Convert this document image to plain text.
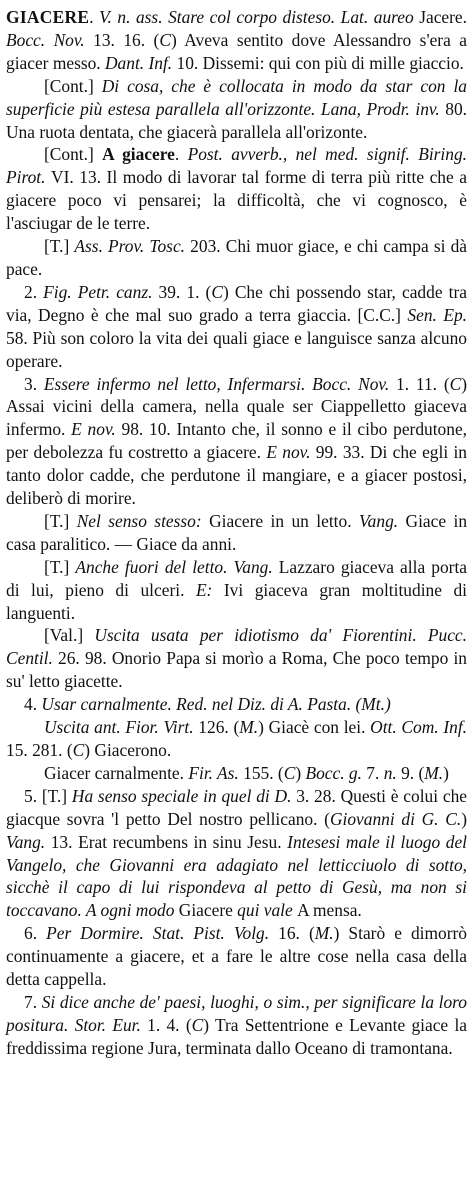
GIACERE. V. n. ass. Stare col corpo disteso. Lat. aureo Jacere. Bocc. Nov. 13. 16. (C) Aveva sentito dove Alessandro s'era a giacer messo. Dant. Inf. 10. Dissemi: qui con più di mille giaccio.

[Cont.] Di cosa, che è collocata in modo da star con la superficie più estesa parallela all'orizzonte. Lana, Prodr. inv. 80. Una ruota dentata, che giacerà parallela all'orizonte.

[Cont.] A giacere. Post. avverb., nel med. signif. Biring. Pirot. VI. 13. Il modo di lavorar tal forme di terra più ritte che a giacere poco vi pensarei; la difficoltà, che vi cognosco, è l'asciugar de le terre.

[T.] Ass. Prov. Tosc. 203. Chi muor giace, e chi campa si dà pace.

2. Fig. Petr. canz. 39. 1. (C) Che chi possendo star, cadde tra via, Degno è che mal suo grado a terra giaccia. [C.C.] Sen. Ep. 58. Più son coloro la vita dei quali giace e languisce sanza alcuno operare.

3. Essere infermo nel letto, Infermarsi. Bocc. Nov. 1. 11. (C) Assai vicini della camera, nella quale ser Ciappelletto giaceva infermo. E nov. 98. 10. Intanto che, il sonno e il cibo perdutone, per debolezza fu costretto a giacere. E nov. 99. 33. Di che egli in tanto dolor cadde, che perdutone il mangiare, e a giacer postosi, deliberò di morire.

[T.] Nel senso stesso: Giacere in un letto. Vang. Giace in casa paralitico. — Giace da anni.

[T.] Anche fuori del letto. Vang. Lazzaro giaceva alla porta di lui, pieno di ulceri. E: Ivi giaceva gran moltitudine di languenti.

[Val.] Uscita usata per idiotismo da' Fiorentini. Pucc. Centil. 26. 98. Onorio Papa si morìo a Roma, Che poco tempo in su' letto giacette.

4. Usar carnalmente. Red. nel Diz. di A. Pasta. (Mt.)

Uscita ant. Fior. Virt. 126. (M.) Giacè con lei. Ott. Com. Inf. 15. 281. (C) Giacerono.

Giacer carnalmente. Fir. As. 155. (C) Bocc. g. 7. n. 9. (M.)

5. [T.] Ha senso speciale in quel di D. 3. 28. Questi è colui che giacque sovra 'l petto Del nostro pellicano. (Giovanni di G. C.) Vang. 13. Erat recumbens in sinu Jesu. Intesesi male il luogo del Vangelo, che Giovanni era adagiato nel letticciuolo di sotto, sicchè il capo di lui rispondeva al petto di Gesù, ma non si toccavano. A ogni modo Giacere qui vale A mensa.

6. Per Dormire. Stat. Pist. Volg. 16. (M.) Starò e dimorrò continuamente a giacere, et a fare le altre cose nella casa della detta cappella.

7. Si dice anche de' paesi, luoghi, o sim., per significare la loro positura. Stor. Eur. 1. 4. (C) Tra Settentrione e Levante giace la freddissima regione Jura, terminata dallo Oceano di tramontana.
